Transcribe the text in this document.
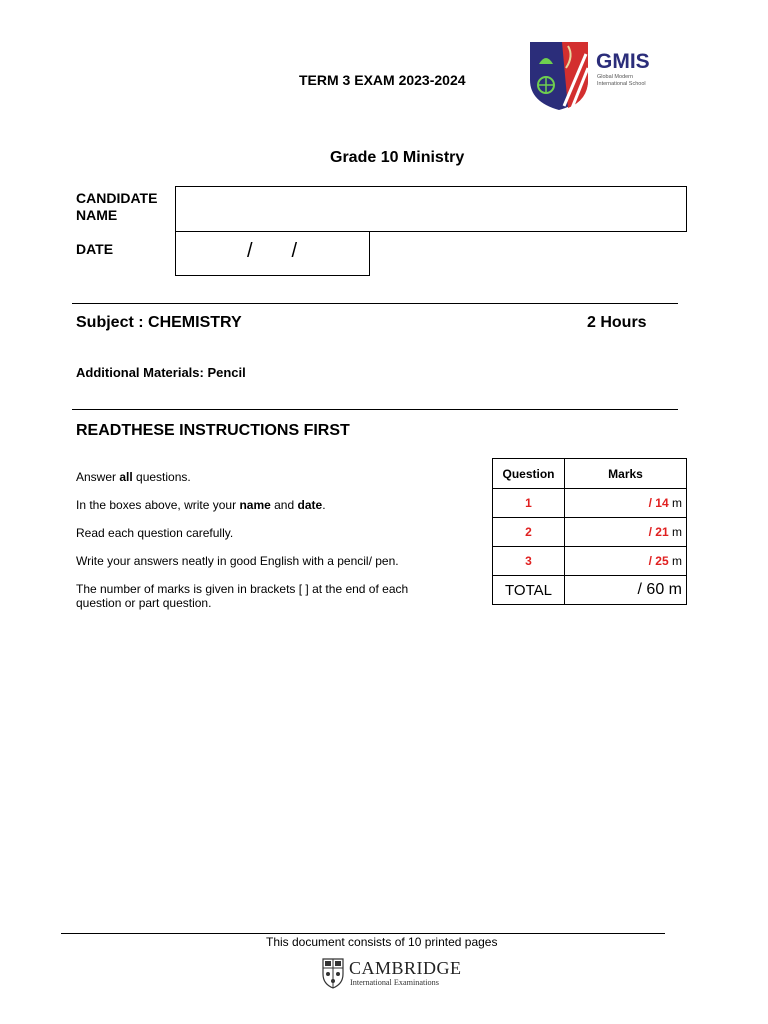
TERM 3 EXAM 2023-2024
GMIS
Global Modern
International School
Grade 10 Ministry
CANDIDATE
NAME
DATE	/       /
Subject : CHEMISTRY	2 Hours
Additional Materials: Pencil
READTHESE INSTRUCTIONS FIRST
Answer all questions.
In the boxes above, write your name and date.
Read each question carefully.
Write your answers neatly in good English with a pencil/ pen.
The number of marks is given in brackets [ ] at the end of each question or part question.
Question	Marks
1	/ 14 m
2	/ 21 m
3	/ 25 m
TOTAL	/ 60 m
This document consists of 10 printed pages
CAMBRIDGE
International Examinations
